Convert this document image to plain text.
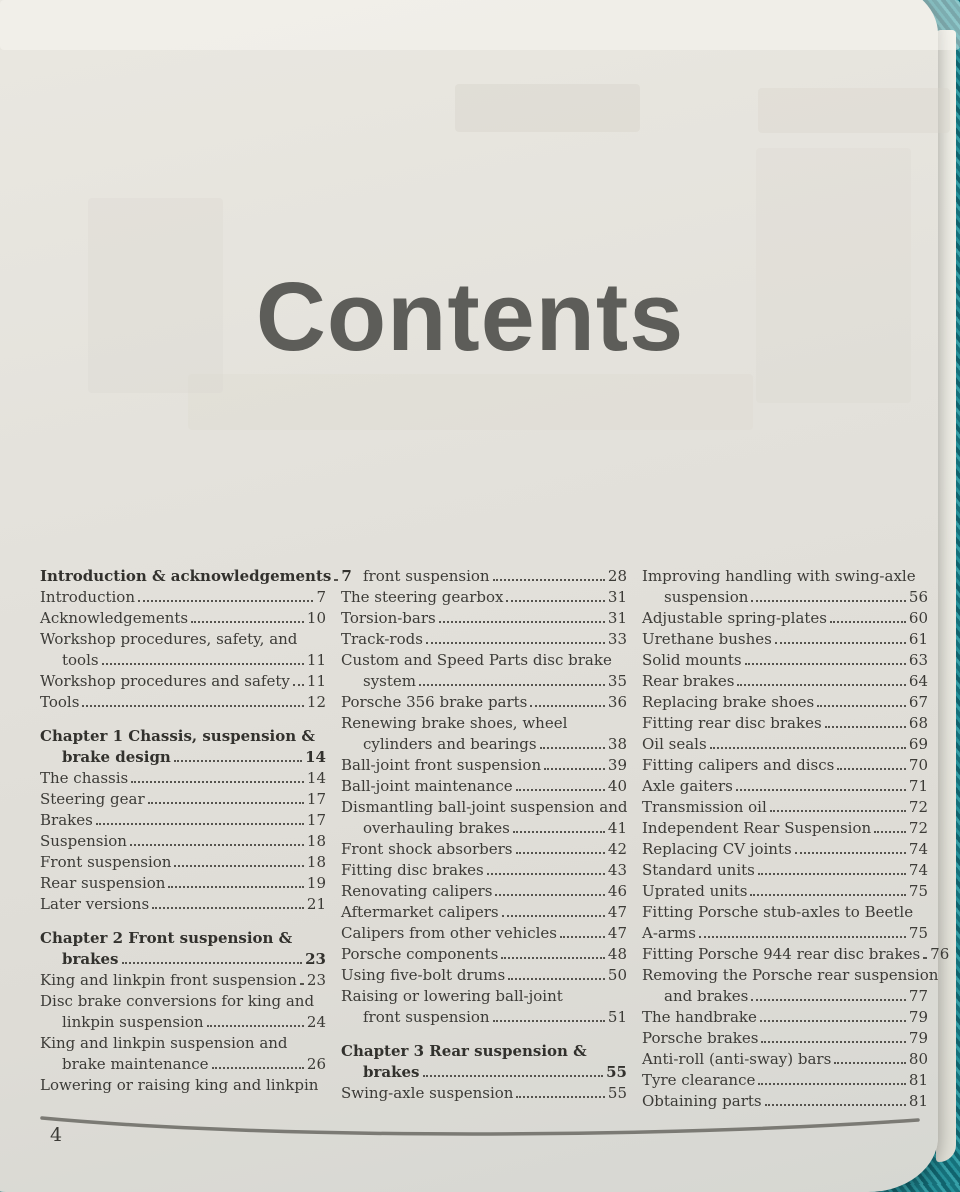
Contents
Introduction & acknowledgements 7
Introduction	7
Acknowledgements	10
Workshop procedures, safety, and
tools	11
Workshop procedures and safety 11
Tools	12
Chapter 1 Chassis, suspension &
brake design	14
The chassis	14
Steering gear	17
Brakes	17
Suspension	18
Front suspension	18
Rear suspension	19
Later versions	21
Chapter 2 Front suspension &
brakes	23
King and linkpin front suspension 23
Disc brake conversions for king and
linkpin suspension	24
King and linkpin suspension and
brake maintenance	26
Lowering or raising king and linkpin
front suspension	28
The steering gearbox	31
Torsion-bars	31
Track-rods	33
Custom and Speed Parts disc brake
system	35
Porsche 356 brake parts	36
Renewing brake shoes, wheel
cylinders and bearings	38
Ball-joint front suspension	39
Ball-joint maintenance	40
Dismantling ball-joint suspension and
overhauling brakes	41
Front shock absorbers	42
Fitting disc brakes	43
Renovating calipers	46
Aftermarket calipers	47
Calipers from other vehicles	47
Porsche components	48
Using five-bolt drums	50
Raising or lowering ball-joint
front suspension	51
Chapter 3 Rear suspension &
brakes	55
Swing-axle suspension	55
Improving handling with swing-axle
suspension	56
Adjustable spring-plates	60
Urethane bushes	61
Solid mounts	63
Rear brakes	64
Replacing brake shoes	67
Fitting rear disc brakes	68
Oil seals	69
Fitting calipers and discs	70
Axle gaiters	71
Transmission oil	72
Independent Rear Suspension	72
Replacing CV joints	74
Standard units	74
Uprated units	75
Fitting Porsche stub-axles to Beetle
A-arms	75
Fitting Porsche 944 rear disc brakes 76
Removing the Porsche rear suspension
and brakes	77
The handbrake	79
Porsche brakes	79
Anti-roll (anti-sway) bars	80
Tyre clearance	81
Obtaining parts	81
4
